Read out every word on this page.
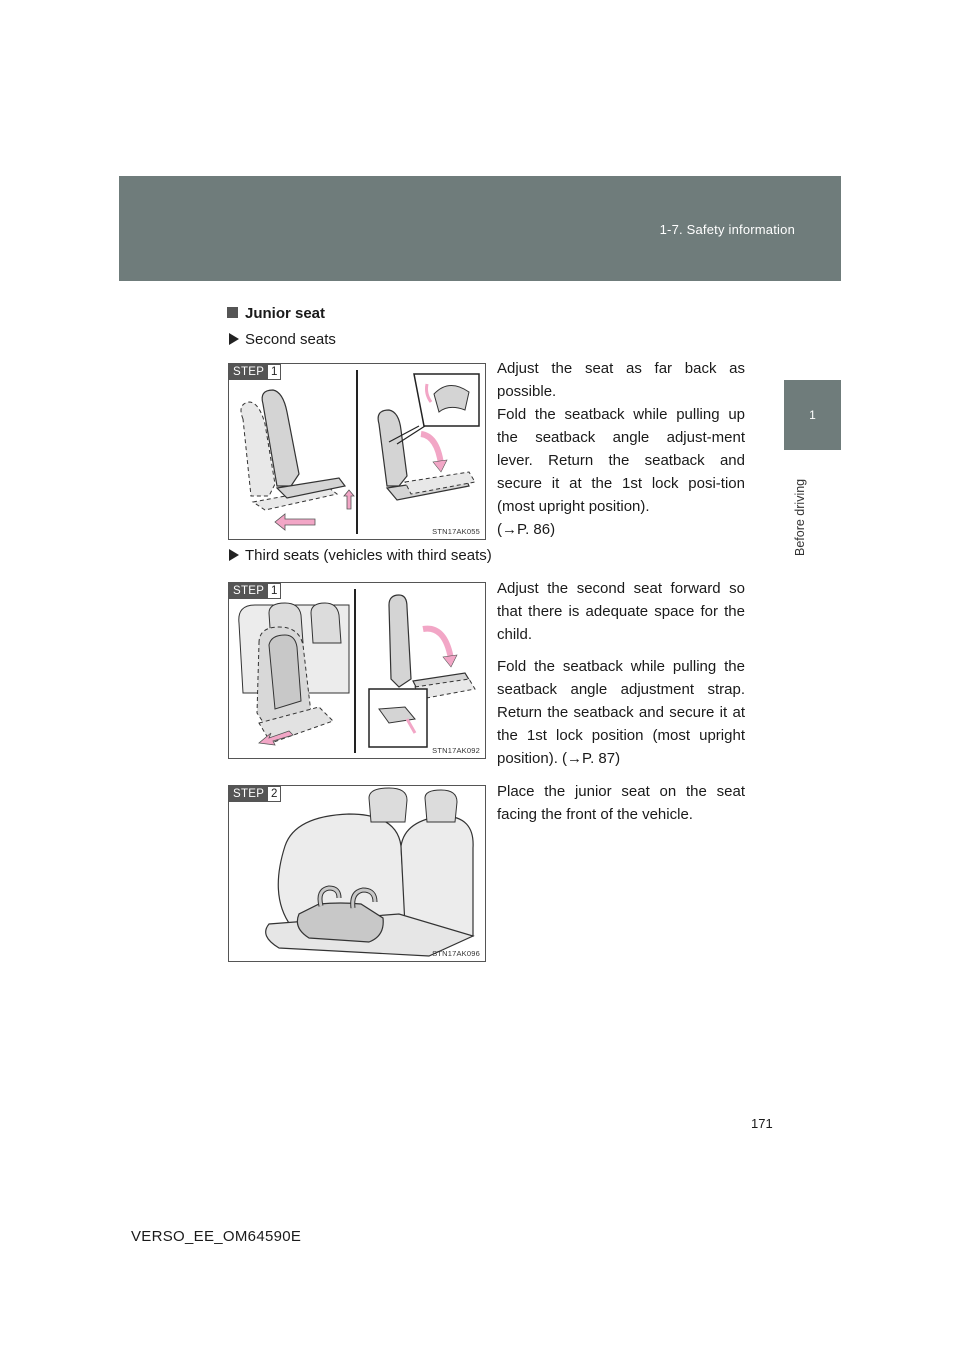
1-7. Safety information
1
Before driving
Junior seat
Second seats
STEP 1
STN17AK055

Adjust the seat as far back as possible.

Fold the seatback while pulling up the seatback angle adjust-ment lever. Return the seatback and secure it at the 1st lock posi-tion (most upright position).

(→P. 86)

Third seats (vehicles with third seats)
STEP 1
STN17AK092

Adjust the second seat forward so that there is adequate space for the child.

Fold the seatback while pulling the seatback angle adjustment strap. Return the seatback and secure it at the 1st lock position (most upright position). (→P. 87)

STEP 2
STN17AK096

Place the junior seat on the seat facing the front of the vehicle.

171
VERSO_EE_OM64590E
